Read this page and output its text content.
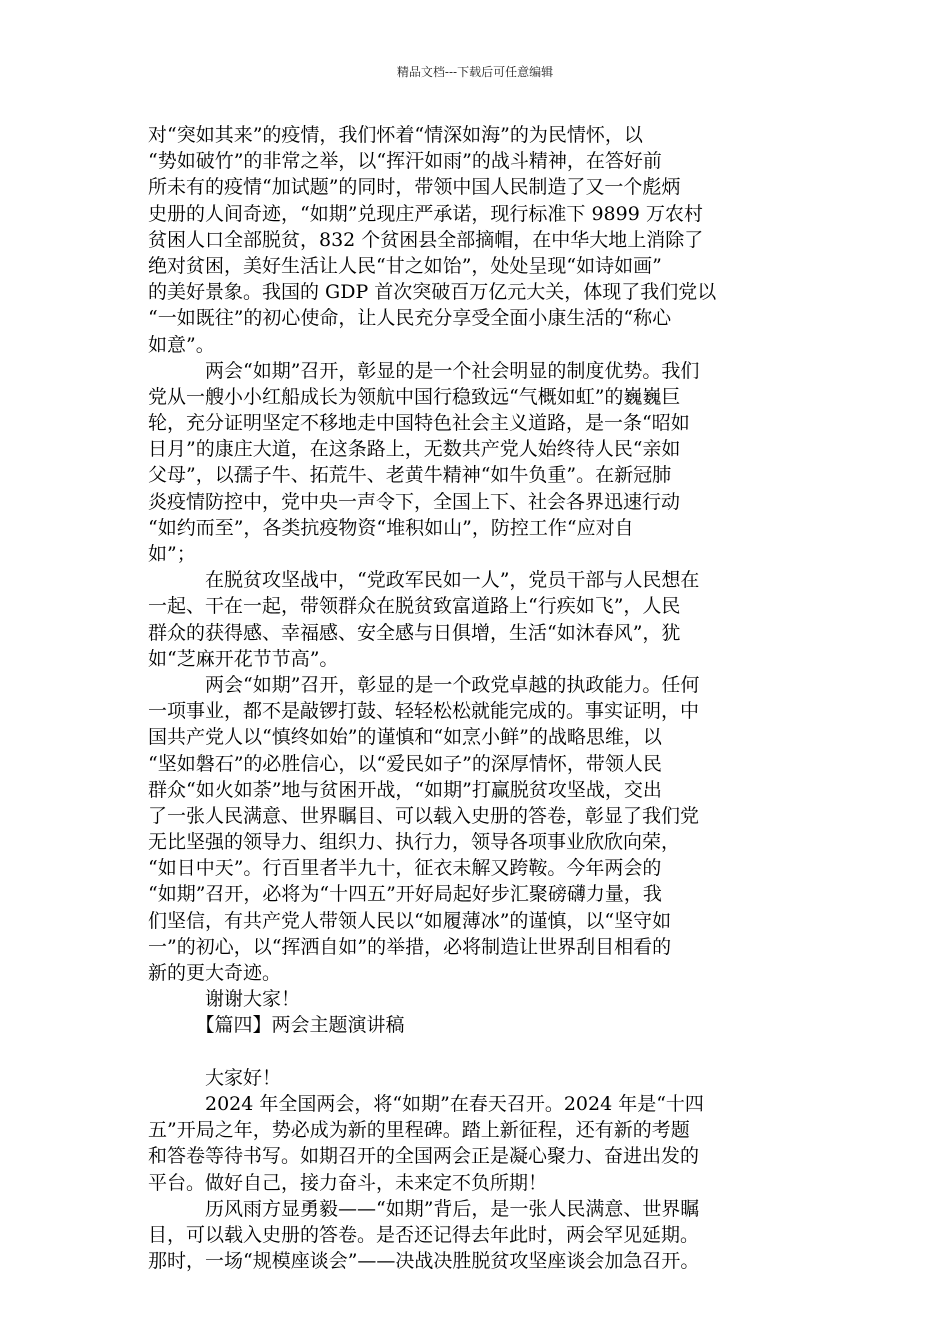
精品文档---下载后可任意编辑
对“突如其来”的疫情，我们怀着“情深如海”的为民情怀，以
“势如破竹”的非常之举，以“挥汗如雨”的战斗精神，在答好前
所未有的疫情“加试题”的同时，带领中国人民制造了又一个彪炳
史册的人间奇迹，“如期”兑现庄严承诺，现行标准下 9899 万农村
贫困人口全部脱贫，832 个贫困县全部摘帽，在中华大地上消除了
绝对贫困，美好生活让人民“甘之如饴”，处处呈现“如诗如画”
的美好景象。我国的 GDP 首次突破百万亿元大关，体现了我们党以
“一如既往”的初心使命，让人民充分享受全面小康生活的“称心
如意”。
　　　两会“如期”召开，彰显的是一个社会明显的制度优势。我们
党从一艘小小红船成长为领航中国行稳致远“气概如虹”的巍巍巨
轮，充分证明坚定不移地走中国特色社会主义道路，是一条“昭如
日月”的康庄大道，在这条路上，无数共产党人始终待人民“亲如
父母”，以孺子牛、拓荒牛、老黄牛精神“如牛负重”。在新冠肺
炎疫情防控中，党中央一声令下，全国上下、社会各界迅速行动
“如约而至”，各类抗疫物资“堆积如山”，防控工作“应对自
如”；
　　　在脱贫攻坚战中，“党政军民如一人”，党员干部与人民想在
一起、干在一起，带领群众在脱贫致富道路上“行疾如飞”，人民
群众的获得感、幸福感、安全感与日俱增，生活“如沐春风”，犹
如“芝麻开花节节高”。
　　　两会“如期”召开，彰显的是一个政党卓越的执政能力。任何
一项事业，都不是敲锣打鼓、轻轻松松就能完成的。事实证明，中
国共产党人以“慎终如始”的谨慎和“如烹小鲜”的战略思维，以
“坚如磐石”的必胜信心，以“爱民如子”的深厚情怀，带领人民
群众“如火如荼”地与贫困开战，“如期”打赢脱贫攻坚战，交出
了一张人民满意、世界瞩目、可以载入史册的答卷，彰显了我们党
无比坚强的领导力、组织力、执行力，领导各项事业欣欣向荣，
“如日中天”。行百里者半九十，征衣未解又跨鞍。今年两会的
“如期”召开，必将为“十四五”开好局起好步汇聚磅礴力量，我
们坚信，有共产党人带领人民以“如履薄冰”的谨慎，以“坚守如
一”的初心，以“挥洒自如”的举措，必将制造让世界刮目相看的
新的更大奇迹。
　　　谢谢大家！
　　　【篇四】两会主题演讲稿
　　　大家好！
　　　2024 年全国两会，将“如期”在春天召开。2024 年是“十四
五”开局之年，势必成为新的里程碑。踏上新征程，还有新的考题
和答卷等待书写。如期召开的全国两会正是凝心聚力、奋进出发的
平台。做好自己，接力奋斗，未来定不负所期！
　　　历风雨方显勇毅——“如期”背后，是一张人民满意、世界瞩
目，可以载入史册的答卷。是否还记得去年此时，两会罕见延期。
那时，一场“规模座谈会”——决战决胜脱贫攻坚座谈会加急召开。
